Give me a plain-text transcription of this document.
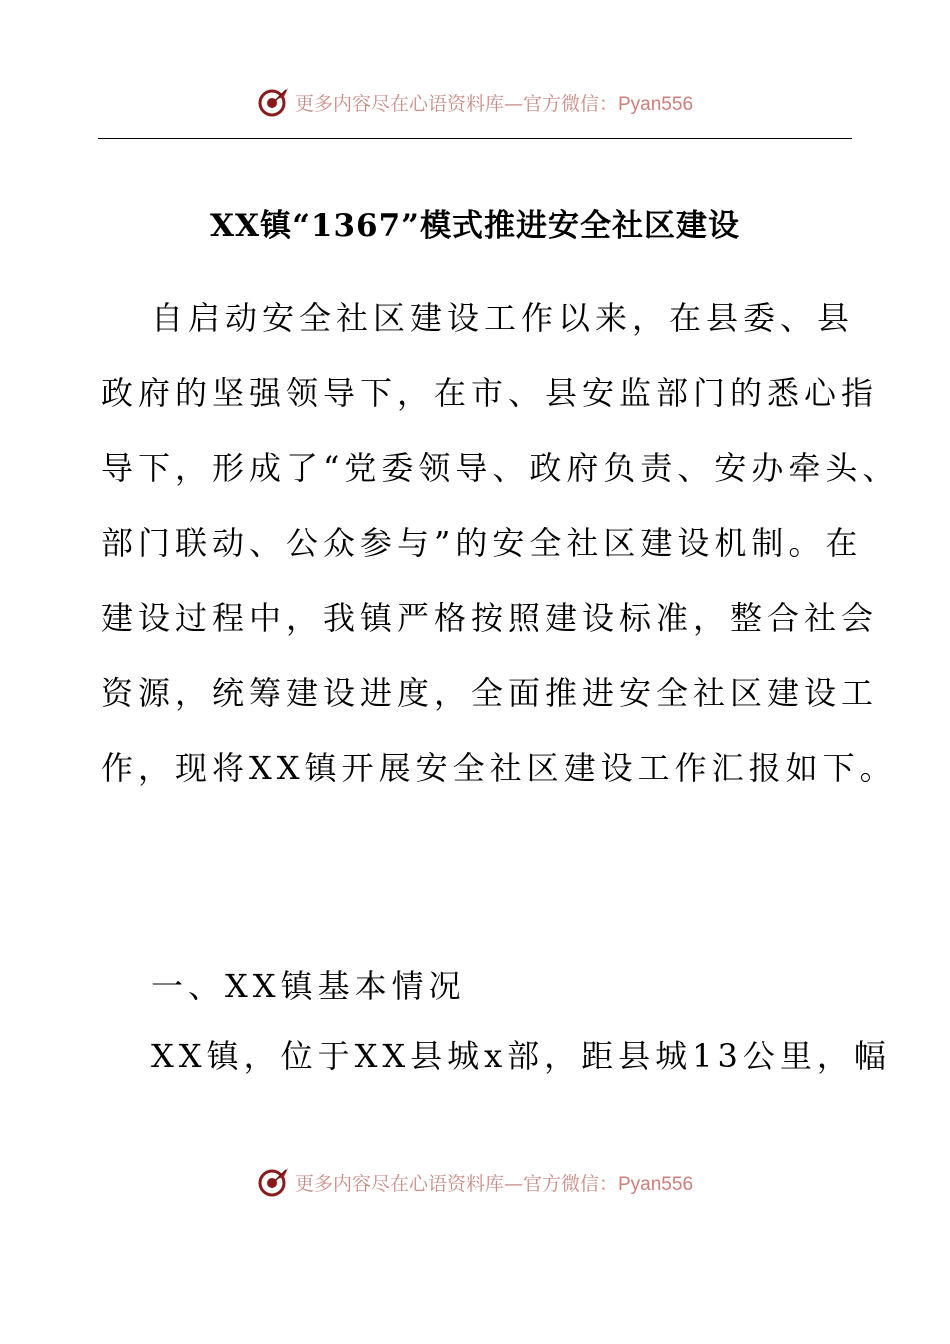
更多内容尽在心语资料库—官方微信：Pyan556
XX镇“1367”模式推进安全社区建设
自启动安全社区建设工作以来，在县委、县
政府的坚强领导下，在市、县安监部门的悉心指
导下，形成了“党委领导、政府负责、安办牵头、
部门联动、公众参与”的安全社区建设机制。在
建设过程中，我镇严格按照建设标准，整合社会
资源，统筹建设进度，全面推进安全社区建设工
作，现将XX镇开展安全社区建设工作汇报如下。
一、XX镇基本情况
XX镇，位于XX县城x部，距县城13公里，幅
更多内容尽在心语资料库—官方微信：Pyan556
